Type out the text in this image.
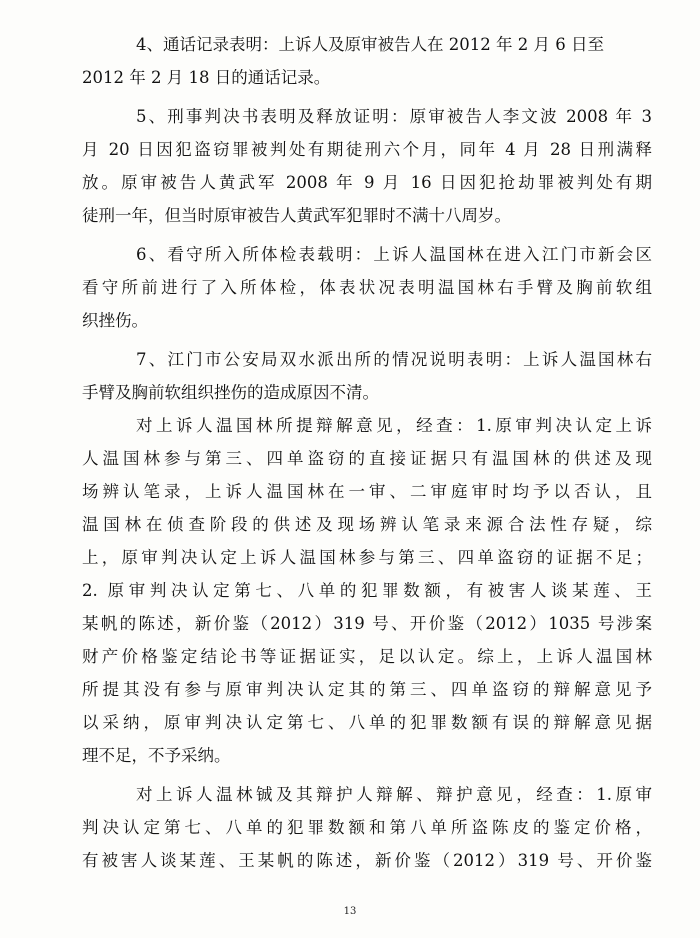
4、通话记录表明：上诉人及原审被告人在 2012 年 2 月 6 日至
2012 年 2 月 18 日的通话记录。
5、刑事判决书表明及释放证明：原审被告人李文波 2008 年 3
月 20 日因犯盗窃罪被判处有期徒刑六个月，同年 4 月 28 日刑满释
放。原审被告人黄武军 2008 年 9 月 16 日因犯抢劫罪被判处有期
徒刑一年，但当时原审被告人黄武军犯罪时不满十八周岁。
6、看守所入所体检表载明：上诉人温国林在进入江门市新会区
看守所前进行了入所体检，体表状况表明温国林右手臂及胸前软组
织挫伤。
7、江门市公安局双水派出所的情况说明表明：上诉人温国林右
手臂及胸前软组织挫伤的造成原因不清。
对上诉人温国林所提辩解意见，经查：1.原审判决认定上诉
人温国林参与第三、四单盗窃的直接证据只有温国林的供述及现
场辨认笔录，上诉人温国林在一审、二审庭审时均予以否认，且
温国林在侦查阶段的供述及现场辨认笔录来源合法性存疑，综
上，原审判决认定上诉人温国林参与第三、四单盗窃的证据不足；
2. 原审判决认定第七、八单的犯罪数额，有被害人谈某莲、王
某帆的陈述，新价鉴（2012）319 号、开价鉴（2012）1035 号涉案
财产价格鉴定结论书等证据证实，足以认定。综上，上诉人温国林
所提其没有参与原审判决认定其的第三、四单盗窃的辩解意见予
以采纳，原审判决认定第七、八单的犯罪数额有误的辩解意见据
理不足，不予采纳。
对上诉人温林铖及其辩护人辩解、辩护意见，经查：1.原审
判决认定第七、八单的犯罪数额和第八单所盗陈皮的鉴定价格，
有被害人谈某莲、王某帆的陈述，新价鉴（2012）319 号、开价鉴
13
